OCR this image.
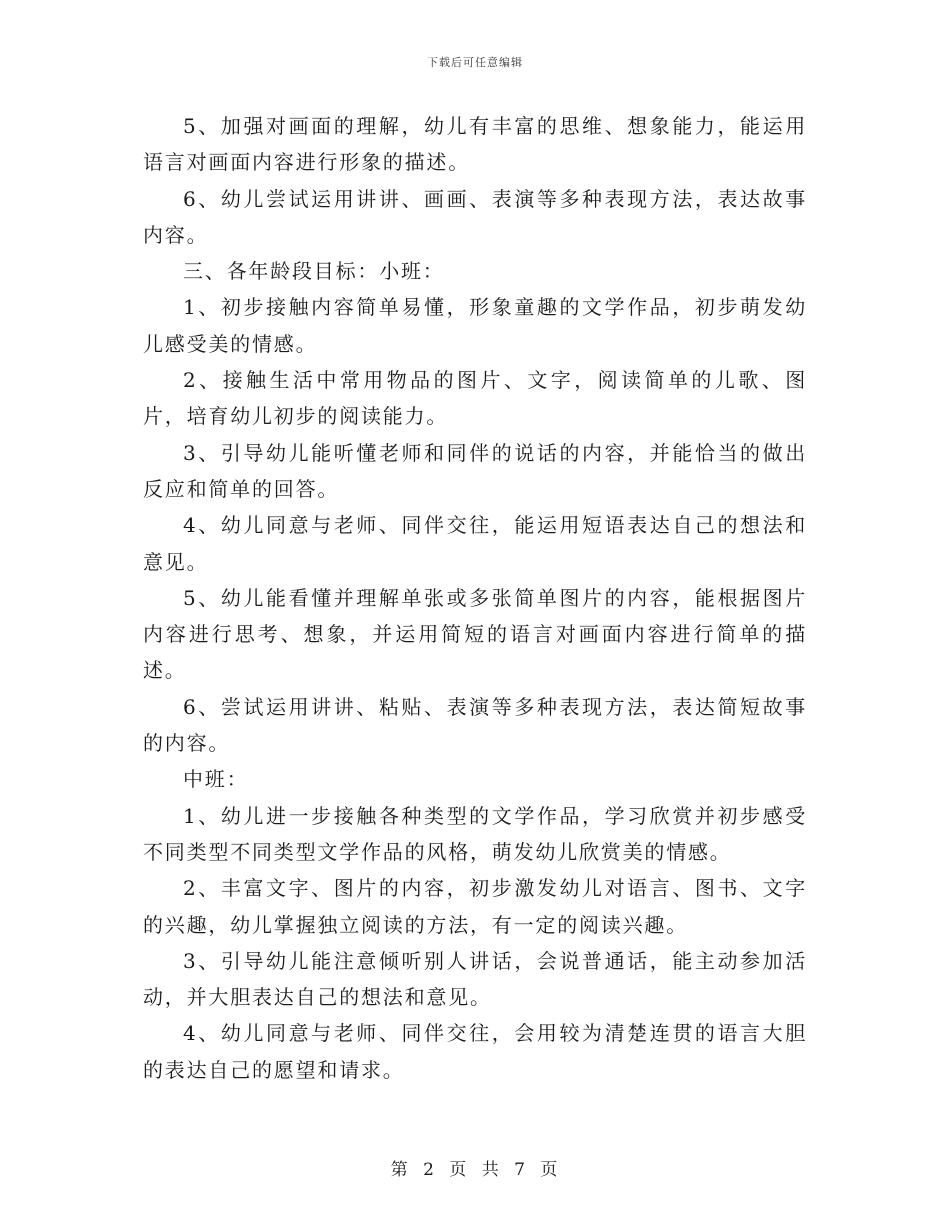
下载后可任意编辑

5、加强对画面的理解，幼儿有丰富的思维、想象能力，能运用语言对画面内容进行形象的描述。

6、幼儿尝试运用讲讲、画画、表演等多种表现方法，表达故事内容。

三、各年龄段目标：小班：

1、初步接触内容简单易懂，形象童趣的文学作品，初步萌发幼儿感受美的情感。

2、接触生活中常用物品的图片、文字，阅读简单的儿歌、图片，培育幼儿初步的阅读能力。

3、引导幼儿能听懂老师和同伴的说话的内容，并能恰当的做出反应和简单的回答。

4、幼儿同意与老师、同伴交往，能运用短语表达自己的想法和意见。

5、幼儿能看懂并理解单张或多张简单图片的内容，能根据图片内容进行思考、想象，并运用简短的语言对画面内容进行简单的描述。

6、尝试运用讲讲、粘贴、表演等多种表现方法，表达简短故事的内容。

中班：

1、幼儿进一步接触各种类型的文学作品，学习欣赏并初步感受不同类型不同类型文学作品的风格，萌发幼儿欣赏美的情感。

2、丰富文字、图片的内容，初步激发幼儿对语言、图书、文字的兴趣，幼儿掌握独立阅读的方法，有一定的阅读兴趣。

3、引导幼儿能注意倾听别人讲话，会说普通话，能主动参加活动，并大胆表达自己的想法和意见。

4、幼儿同意与老师、同伴交往，会用较为清楚连贯的语言大胆的表达自己的愿望和请求。

第 2 页 共 7 页
